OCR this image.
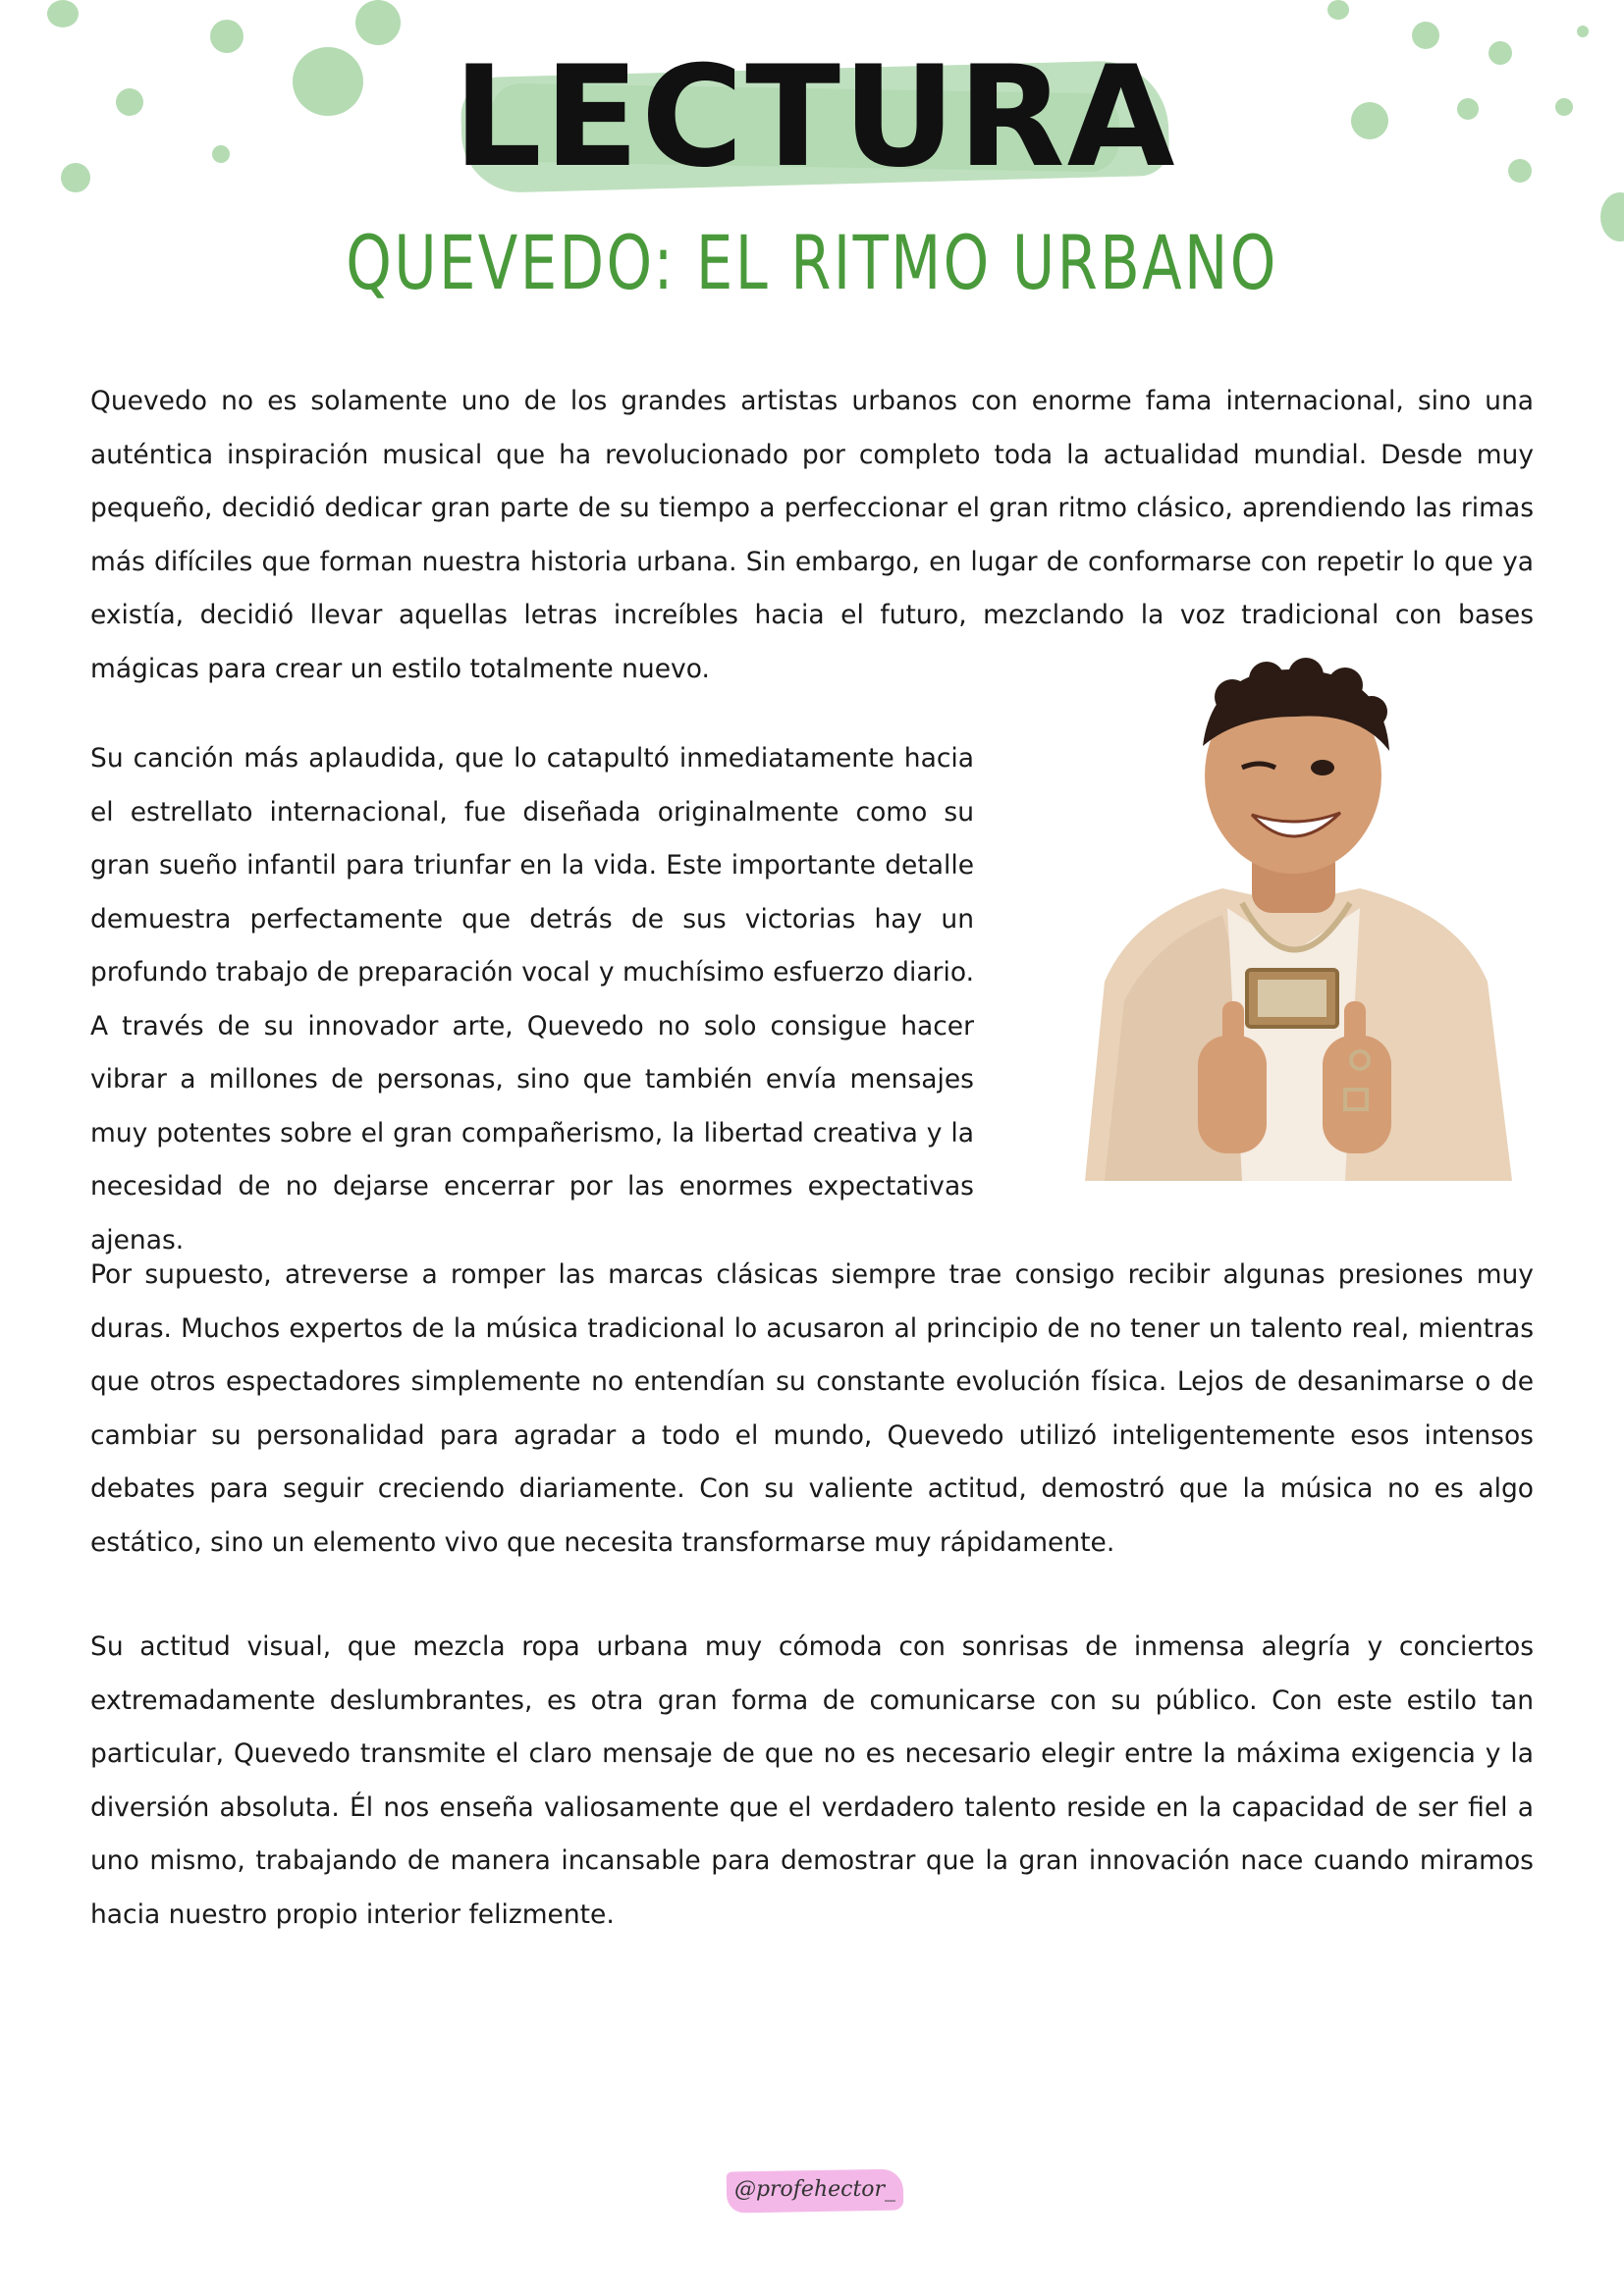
LECTURA
QUEVEDO: EL RITMO URBANO

Quevedo no es solamente uno de los grandes artistas urbanos con enorme fama internacional, sino una auténtica inspiración musical que ha revolucionado por completo toda la actualidad mundial. Desde muy pequeño, decidió dedicar gran parte de su tiempo a perfeccionar el gran ritmo clásico, aprendiendo las rimas más difíciles que forman nuestra historia urbana. Sin embargo, en lugar de conformarse con repetir lo que ya existía, decidió llevar aquellas letras increíbles hacia el futuro, mezclando la voz tradicional con bases mágicas para crear un estilo totalmente nuevo.

Su canción más aplaudida, que lo catapultó inmediatamente hacia el estrellato internacional, fue diseñada originalmente como su gran sueño infantil para triunfar en la vida. Este importante detalle demuestra perfectamente que detrás de sus victorias hay un profundo trabajo de preparación vocal y muchísimo esfuerzo diario. A través de su innovador arte, Quevedo no solo consigue hacer vibrar a millones de personas, sino que también envía mensajes muy potentes sobre el gran compañerismo, la libertad creativa y la necesidad de no dejarse encerrar por las enormes expectativas ajenas.

Por supuesto, atreverse a romper las marcas clásicas siempre trae consigo recibir algunas presiones muy duras. Muchos expertos de la música tradicional lo acusaron al principio de no tener un talento real, mientras que otros espectadores simplemente no entendían su constante evolución física. Lejos de desanimarse o de cambiar su personalidad para agradar a todo el mundo, Quevedo utilizó inteligentemente esos intensos debates para seguir creciendo diariamente. Con su valiente actitud, demostró que la música no es algo estático, sino un elemento vivo que necesita transformarse muy rápidamente.

Su actitud visual, que mezcla ropa urbana muy cómoda con sonrisas de inmensa alegría y conciertos extremadamente deslumbrantes, es otra gran forma de comunicarse con su público. Con este estilo tan particular, Quevedo transmite el claro mensaje de que no es necesario elegir entre la máxima exigencia y la diversión absoluta. Él nos enseña valiosamente que el verdadero talento reside en la capacidad de ser fiel a uno mismo, trabajando de manera incansable para demostrar que la gran innovación nace cuando miramos hacia nuestro propio interior felizmente.

@profehector_
